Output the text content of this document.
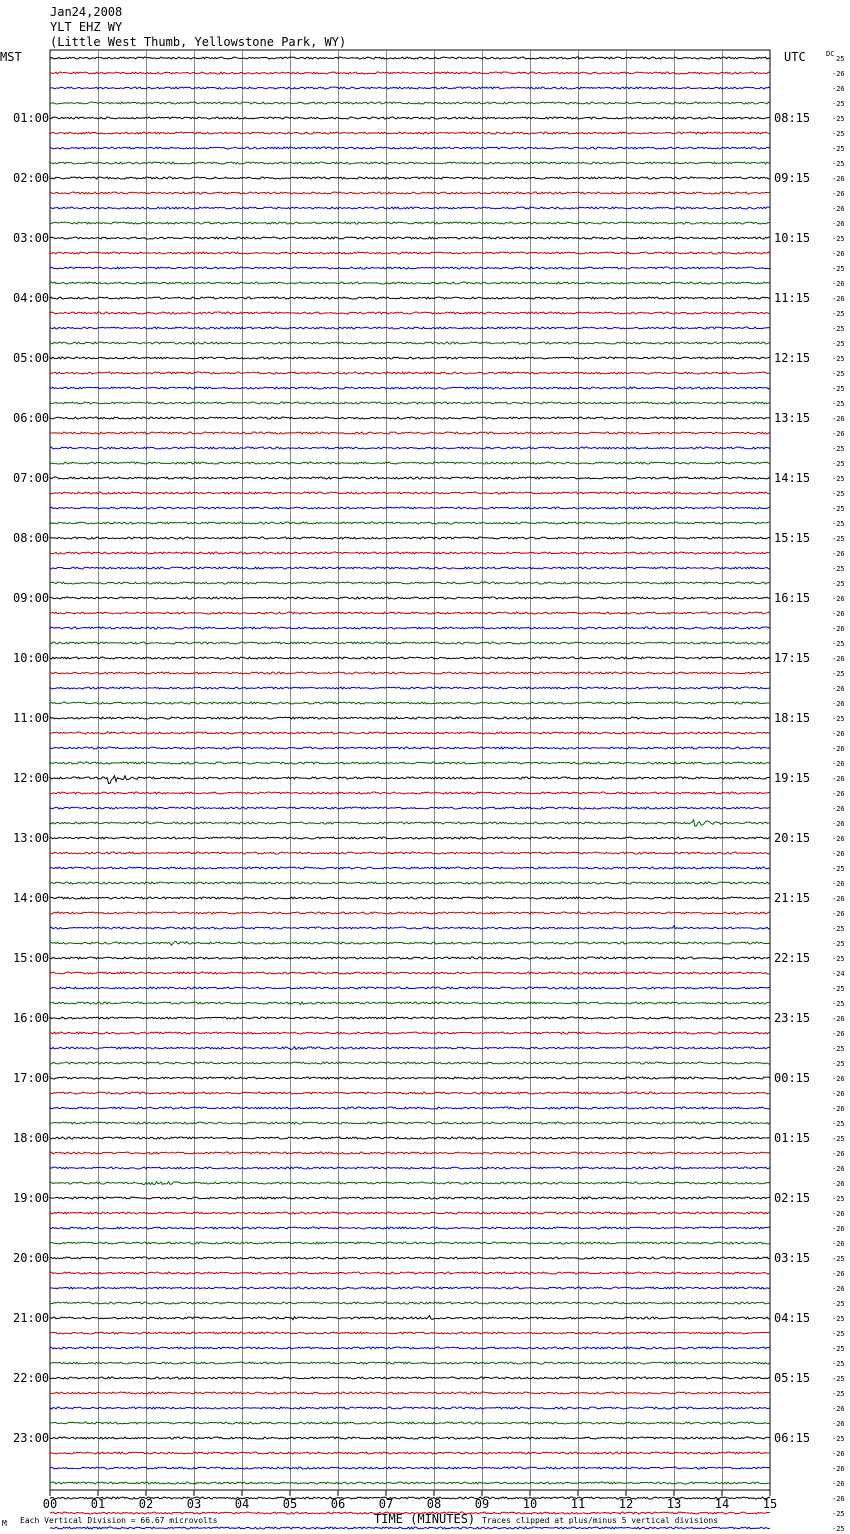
Jan24,2008
YLT EHZ WY
(Little West Thumb, Yellowstone Park, WY)
MST	UTC	DC
01:00
02:00
03:00
04:00
05:00
06:00
07:00
08:00
09:00
10:00
11:00
12:00
13:00
14:00
15:00
16:00
17:00
18:00
19:00
20:00
21:00
22:00
23:00
08:15
09:15
10:15
11:15
12:15
13:15
14:15
15:15
16:15
17:15
18:15
19:15
20:15
21:15
22:15
23:15
00:15
01:15
02:15
03:15
04:15
05:15
06:15
25
-26
-26
-25
-25
-25
-25
-25
-26
-26
-26
-26
-25
-26
-25
-26
-26
-25
-25
-25
-25
-25
-25
-25
-26
-26
-25
-25
-25
-25
-25
-25
-25
-26
-25
-25
-26
-26
-26
-25
-26
-25
-26
-26
-25
-26
-26
-26
-26
-26
-26
-26
-26
-26
-25
-26
-26
-26
-25
-25
-25
-24
-25
-25
-26
-26
-25
-25
-26
-26
-26
-25
-25
-26
-26
-26
-25
-26
-26
-26
-25
-26
-26
-25
-25
-25
-25
-25
-25
-25
-26
-26
-25
-26
-26
-26
-26
-25
-25
00	01	02	03	04	05	06	07	08	09	10	11	12	13	14	15
TIME (MINUTES)
Each Vertical Division = 66.67 microvolts	Traces clipped at plus/minus 5 vertical divisions
M
